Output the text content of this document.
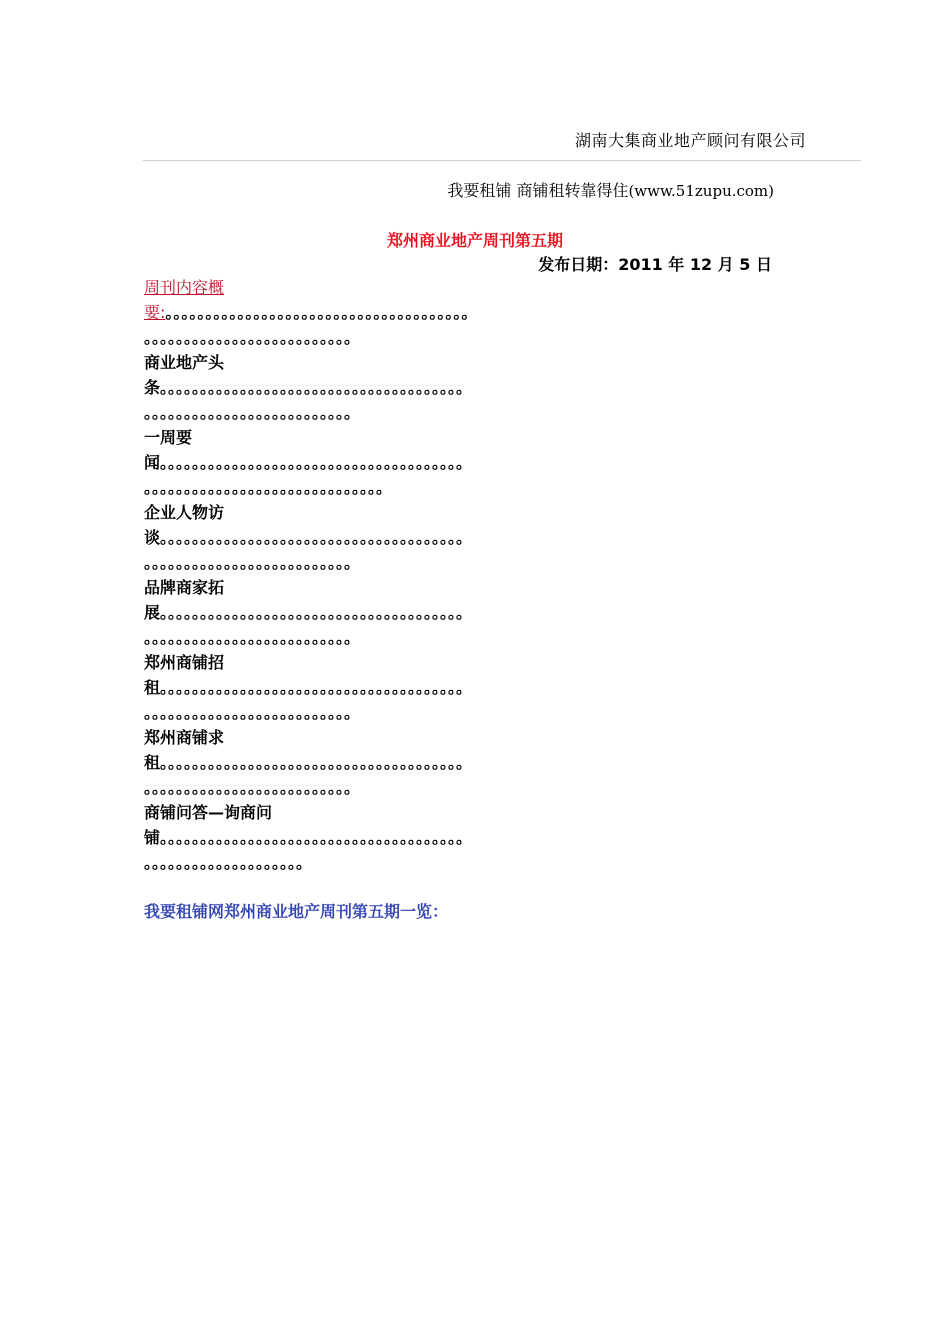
湖南大集商业地产顾问有限公司
我要租铺 商铺租转靠得住(www.51zupu.com)
郑州商业地产周刊第五期
发布日期：2011 年 12 月 5 日
周刊内容概
要:。。。。。。。。。。。。。。。。。。。。。。。。。。。。。。。。。。。。。。
。。。。。。。。。。。。。。。。。。。。。。。。。。
商业地产头
条。。。。。。。。。。。。。。。。。。。。。。。。。。。。。。。。。。。。。。
。。。。。。。。。。。。。。。。。。。。。。。。。。
一周要
闻。。。。。。。。。。。。。。。。。。。。。。。。。。。。。。。。。。。。。。
。。。。。。。。。。。。。。。。。。。。。。。。。。。。。。
企业人物访
谈。。。。。。。。。。。。。。。。。。。。。。。。。。。。。。。。。。。。。。
。。。。。。。。。。。。。。。。。。。。。。。。。。
品牌商家拓
展。。。。。。。。。。。。。。。。。。。。。。。。。。。。。。。。。。。。。。
。。。。。。。。。。。。。。。。。。。。。。。。。。
郑州商铺招
租。。。。。。。。。。。。。。。。。。。。。。。。。。。。。。。。。。。。。。
。。。。。。。。。。。。。。。。。。。。。。。。。。
郑州商铺求
租。。。。。。。。。。。。。。。。。。。。。。。。。。。。。。。。。。。。。。
。。。。。。。。。。。。。。。。。。。。。。。。。。
商铺问答—询商问
铺。。。。。。。。。。。。。。。。。。。。。。。。。。。。。。。。。。。。。。
。。。。。。。。。。。。。。。。。。。。
我要租铺网郑州商业地产周刊第五期一览：
